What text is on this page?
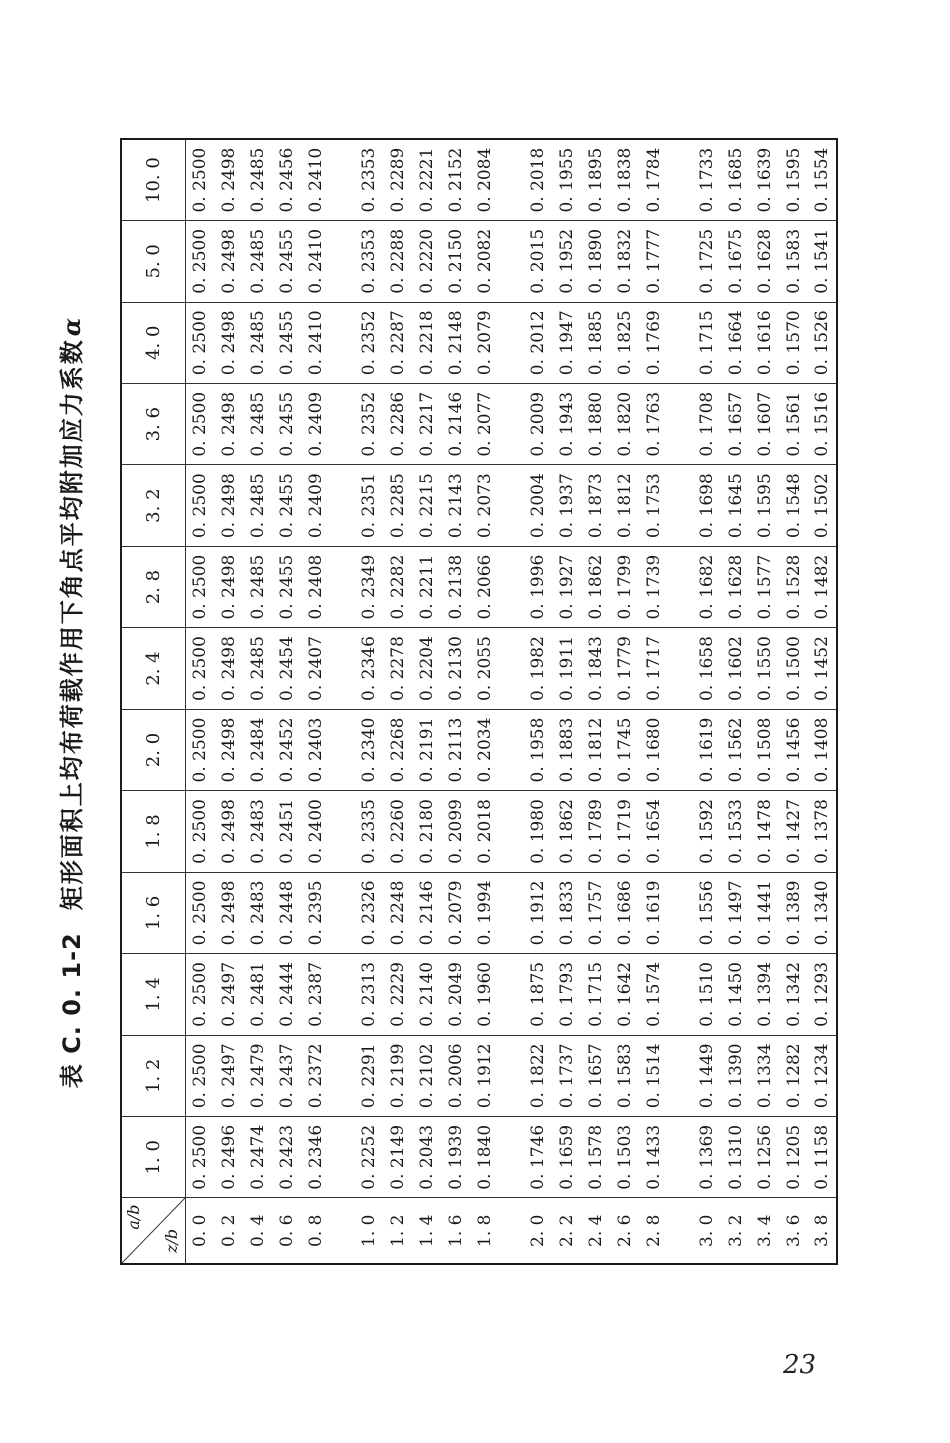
表 C. 0. 1-2矩形面积上均布荷载作用下角点平均附加应力系数α
a/b
z/b	1. 0	1. 2	1. 4	1. 6	1. 8	2. 0	2. 4	2. 8	3. 2	3. 6	4. 0	5. 0	10. 0
0. 0	0. 2500	0. 2500	0. 2500	0. 2500	0. 2500	0. 2500	0. 2500	0. 2500	0. 2500	0. 2500	0. 2500	0. 2500	0. 2500
0. 2	0. 2496	0. 2497	0. 2497	0. 2498	0. 2498	0. 2498	0. 2498	0. 2498	0. 2498	0. 2498	0. 2498	0. 2498	0. 2498
0. 4	0. 2474	0. 2479	0. 2481	0. 2483	0. 2483	0. 2484	0. 2485	0. 2485	0. 2485	0. 2485	0. 2485	0. 2485	0. 2485
0. 6	0. 2423	0. 2437	0. 2444	0. 2448	0. 2451	0. 2452	0. 2454	0. 2455	0. 2455	0. 2455	0. 2455	0. 2455	0. 2456
0. 8	0. 2346	0. 2372	0. 2387	0. 2395	0. 2400	0. 2403	0. 2407	0. 2408	0. 2409	0. 2409	0. 2410	0. 2410	0. 2410

1. 0	0. 2252	0. 2291	0. 2313	0. 2326	0. 2335	0. 2340	0. 2346	0. 2349	0. 2351	0. 2352	0. 2352	0. 2353	0. 2353
1. 2	0. 2149	0. 2199	0. 2229	0. 2248	0. 2260	0. 2268	0. 2278	0. 2282	0. 2285	0. 2286	0. 2287	0. 2288	0. 2289
1. 4	0. 2043	0. 2102	0. 2140	0. 2146	0. 2180	0. 2191	0. 2204	0. 2211	0. 2215	0. 2217	0. 2218	0. 2220	0. 2221
1. 6	0. 1939	0. 2006	0. 2049	0. 2079	0. 2099	0. 2113	0. 2130	0. 2138	0. 2143	0. 2146	0. 2148	0. 2150	0. 2152
1. 8	0. 1840	0. 1912	0. 1960	0. 1994	0. 2018	0. 2034	0. 2055	0. 2066	0. 2073	0. 2077	0. 2079	0. 2082	0. 2084

2. 0	0. 1746	0. 1822	0. 1875	0. 1912	0. 1980	0. 1958	0. 1982	0. 1996	0. 2004	0. 2009	0. 2012	0. 2015	0. 2018
2. 2	0. 1659	0. 1737	0. 1793	0. 1833	0. 1862	0. 1883	0. 1911	0. 1927	0. 1937	0. 1943	0. 1947	0. 1952	0. 1955
2. 4	0. 1578	0. 1657	0. 1715	0. 1757	0. 1789	0. 1812	0. 1843	0. 1862	0. 1873	0. 1880	0. 1885	0. 1890	0. 1895
2. 6	0. 1503	0. 1583	0. 1642	0. 1686	0. 1719	0. 1745	0. 1779	0. 1799	0. 1812	0. 1820	0. 1825	0. 1832	0. 1838
2. 8	0. 1433	0. 1514	0. 1574	0. 1619	0. 1654	0. 1680	0. 1717	0. 1739	0. 1753	0. 1763	0. 1769	0. 1777	0. 1784

3. 0	0. 1369	0. 1449	0. 1510	0. 1556	0. 1592	0. 1619	0. 1658	0. 1682	0. 1698	0. 1708	0. 1715	0. 1725	0. 1733
3. 2	0. 1310	0. 1390	0. 1450	0. 1497	0. 1533	0. 1562	0. 1602	0. 1628	0. 1645	0. 1657	0. 1664	0. 1675	0. 1685
3. 4	0. 1256	0. 1334	0. 1394	0. 1441	0. 1478	0. 1508	0. 1550	0. 1577	0. 1595	0. 1607	0. 1616	0. 1628	0. 1639
3. 6	0. 1205	0. 1282	0. 1342	0. 1389	0. 1427	0. 1456	0. 1500	0. 1528	0. 1548	0. 1561	0. 1570	0. 1583	0. 1595
3. 8	0. 1158	0. 1234	0. 1293	0. 1340	0. 1378	0. 1408	0. 1452	0. 1482	0. 1502	0. 1516	0. 1526	0. 1541	0. 1554
23
